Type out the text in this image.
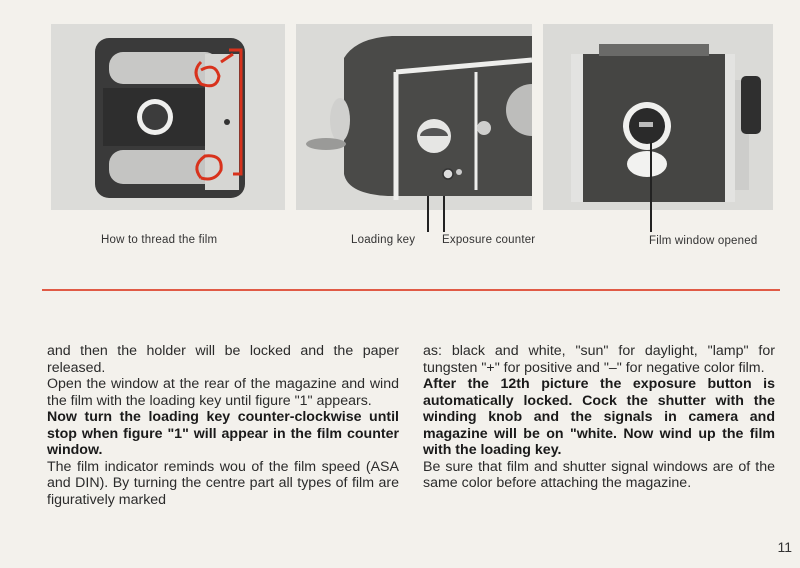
How to thread the film	Loading key Exposure counter	Film window opened

and then the holder will be locked and the paper released.

Open the window at the rear of the magazine and wind the film with the loading key until figure "1" appears.

Now turn the loading key counter-clockwise until stop when figure "1" will appear in the film counter window.

The film indicator reminds wou of the film speed (ASA and DIN). By turning the centre part all types of film are figuratively marked

as: black and white, "sun" for daylight, "lamp" for tungsten "+" for positive and "–" for negative color film.

After the 12th picture the exposure button is automatically locked. Cock the shutter with the winding knob and the signals in camera and magazine will be on "white. Now wind up the film with the loading key.

Be sure that film and shutter signal windows are of the same color before attaching the magazine.

11
